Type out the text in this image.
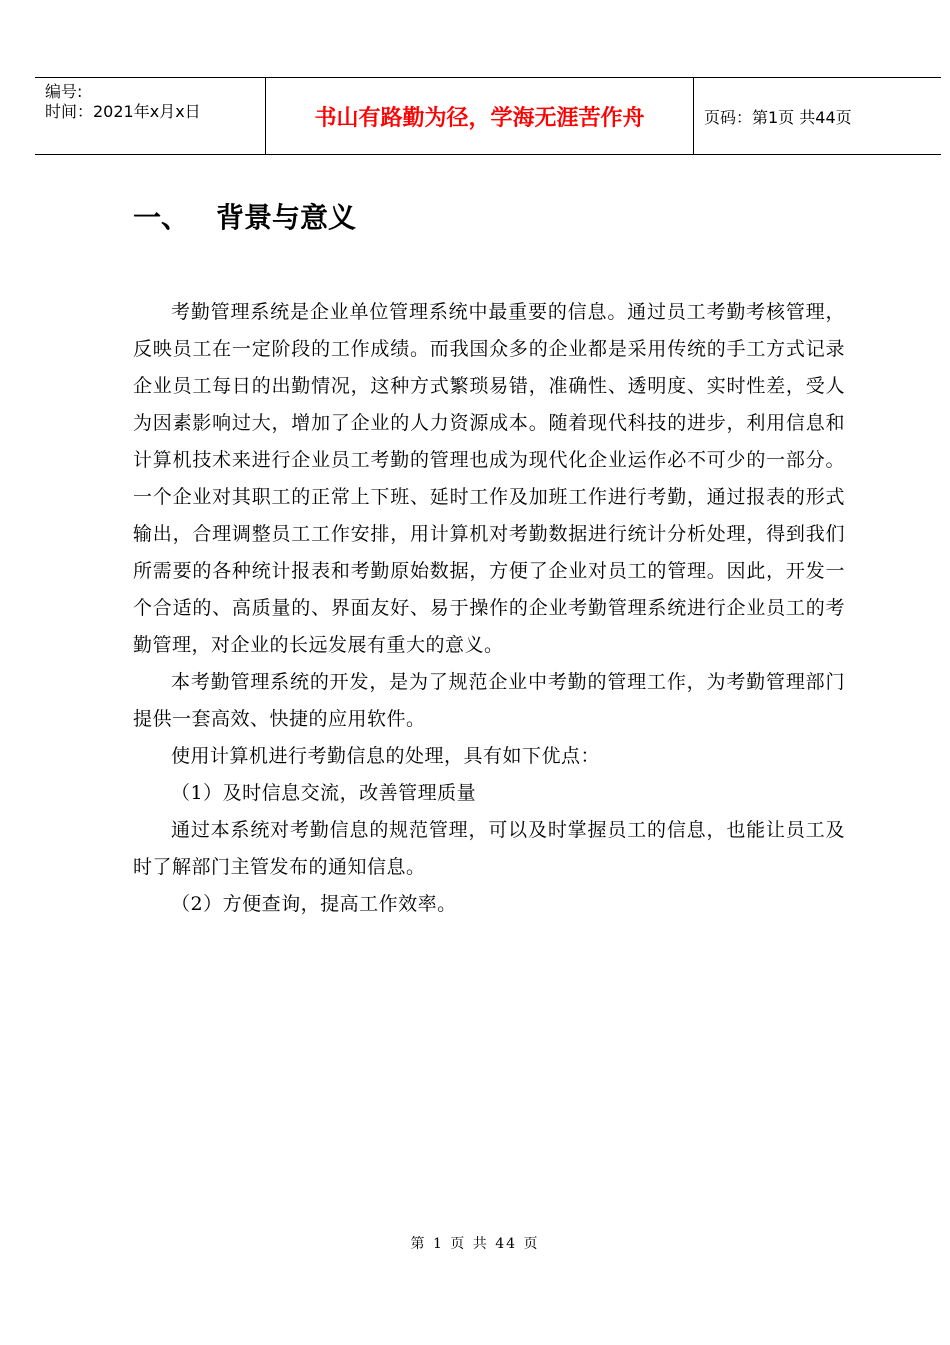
编号:
时间：2021年x月x日	书山有路勤为径，学海无涯苦作舟	页码：第1页 共44页
一、 背景与意义

考勤管理系统是企业单位管理系统中最重要的信息。通过员工考勤考核管理，反映员工在一定阶段的工作成绩。而我国众多的企业都是采用传统的手工方式记录企业员工每日的出勤情况，这种方式繁琐易错，准确性、透明度、实时性差，受人为因素影响过大，增加了企业的人力资源成本。随着现代科技的进步，利用信息和计算机技术来进行企业员工考勤的管理也成为现代化企业运作必不可少的一部分。一个企业对其职工的正常上下班、延时工作及加班工作进行考勤，通过报表的形式输出，合理调整员工工作安排，用计算机对考勤数据进行统计分析处理，得到我们所需要的各种统计报表和考勤原始数据，方便了企业对员工的管理。因此，开发一个合适的、高质量的、界面友好、易于操作的企业考勤管理系统进行企业员工的考勤管理，对企业的长远发展有重大的意义。

本考勤管理系统的开发，是为了规范企业中考勤的管理工作，为考勤管理部门提供一套高效、快捷的应用软件。

使用计算机进行考勤信息的处理，具有如下优点：

（1）及时信息交流，改善管理质量

通过本系统对考勤信息的规范管理，可以及时掌握员工的信息，也能让员工及时了解部门主管发布的通知信息。

（2）方便查询，提高工作效率。

第 1 页 共 44 页
